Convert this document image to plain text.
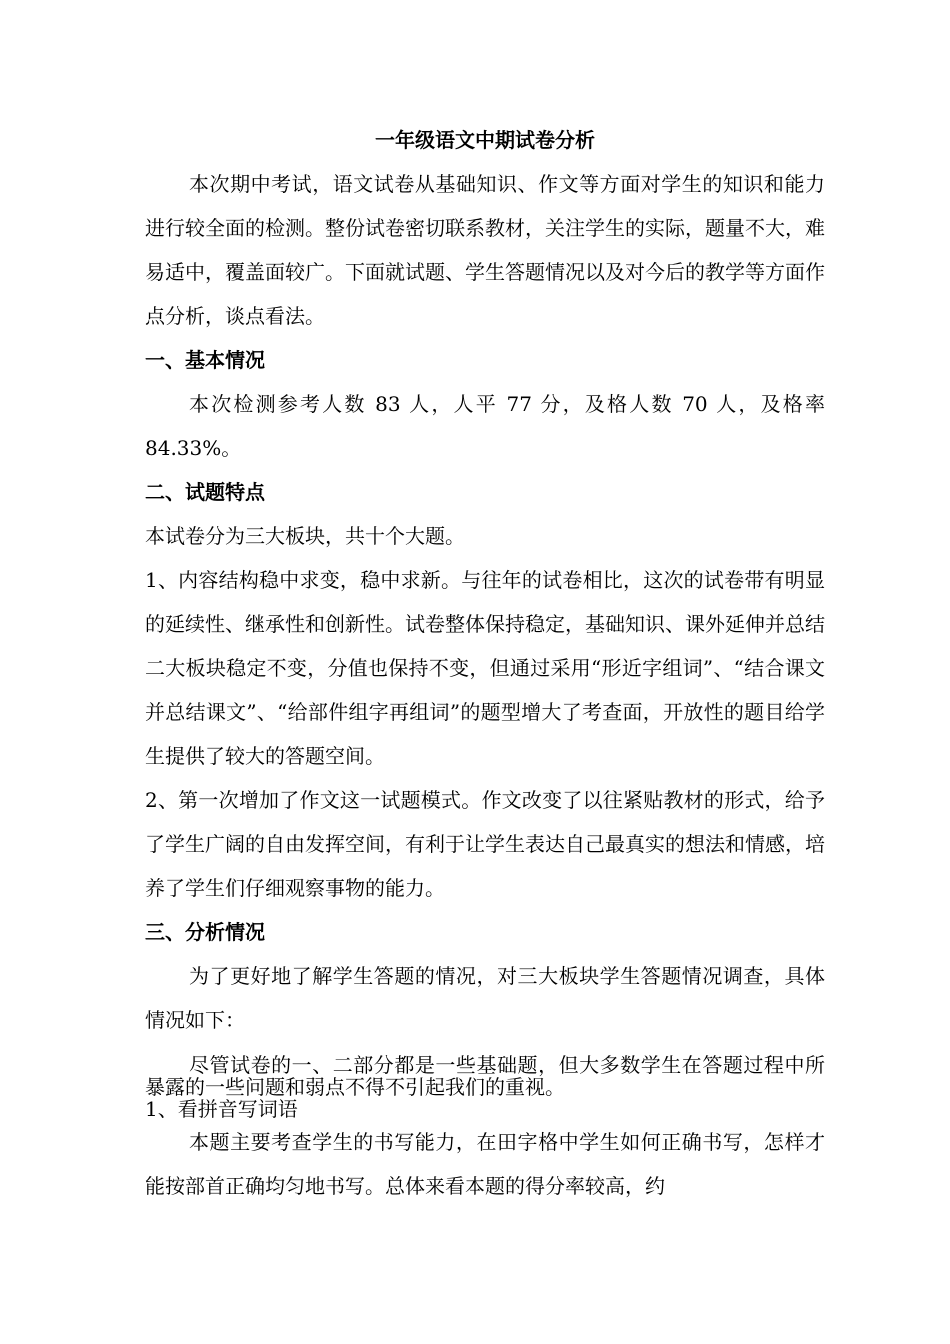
一年级语文中期试卷分析

本次期中考试，语文试卷从基础知识、作文等方面对学生的知识和能力进行较全面的检测。整份试卷密切联系教材，关注学生的实际，题量不大，难易适中，覆盖面较广。下面就试题、学生答题情况以及对今后的教学等方面作点分析，谈点看法。

一、基本情况

本次检测参考人数 83 人，人平 77 分，及格人数 70 人，及格率 84.33%。

二、试题特点

本试卷分为三大板块，共十个大题。

1、内容结构稳中求变，稳中求新。与往年的试卷相比，这次的试卷带有明显的延续性、继承性和创新性。试卷整体保持稳定，基础知识、课外延伸并总结二大板块稳定不变，分值也保持不变，但通过采用“形近字组词”、“结合课文并总结课文”、“给部件组字再组词”的题型增大了考查面，开放性的题目给学生提供了较大的答题空间。

2、第一次增加了作文这一试题模式。作文改变了以往紧贴教材的形式，给予了学生广阔的自由发挥空间，有利于让学生表达自己最真实的想法和情感，培养了学生们仔细观察事物的能力。

三、分析情况

为了更好地了解学生答题的情况，对三大板块学生答题情况调查，具体情况如下：

尽管试卷的一、二部分都是一些基础题，但大多数学生在答题过程中所暴露的一些问题和弱点不得不引起我们的重视。

1、看拼音写词语

本题主要考查学生的书写能力，在田字格中学生如何正确书写，怎样才能按部首正确均匀地书写。总体来看本题的得分率较高，约
